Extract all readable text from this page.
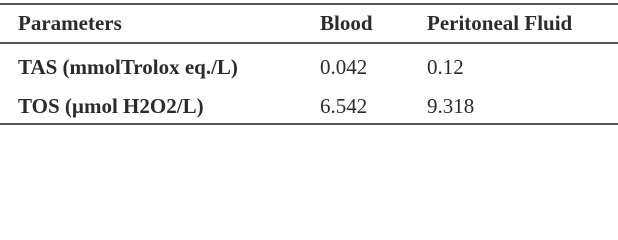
Parameters	Blood	Peritoneal Fluid
TAS (mmolTrolox eq./L)	0.042	0.12
TOS (µmol H2O2/L)	6.542	9.318
